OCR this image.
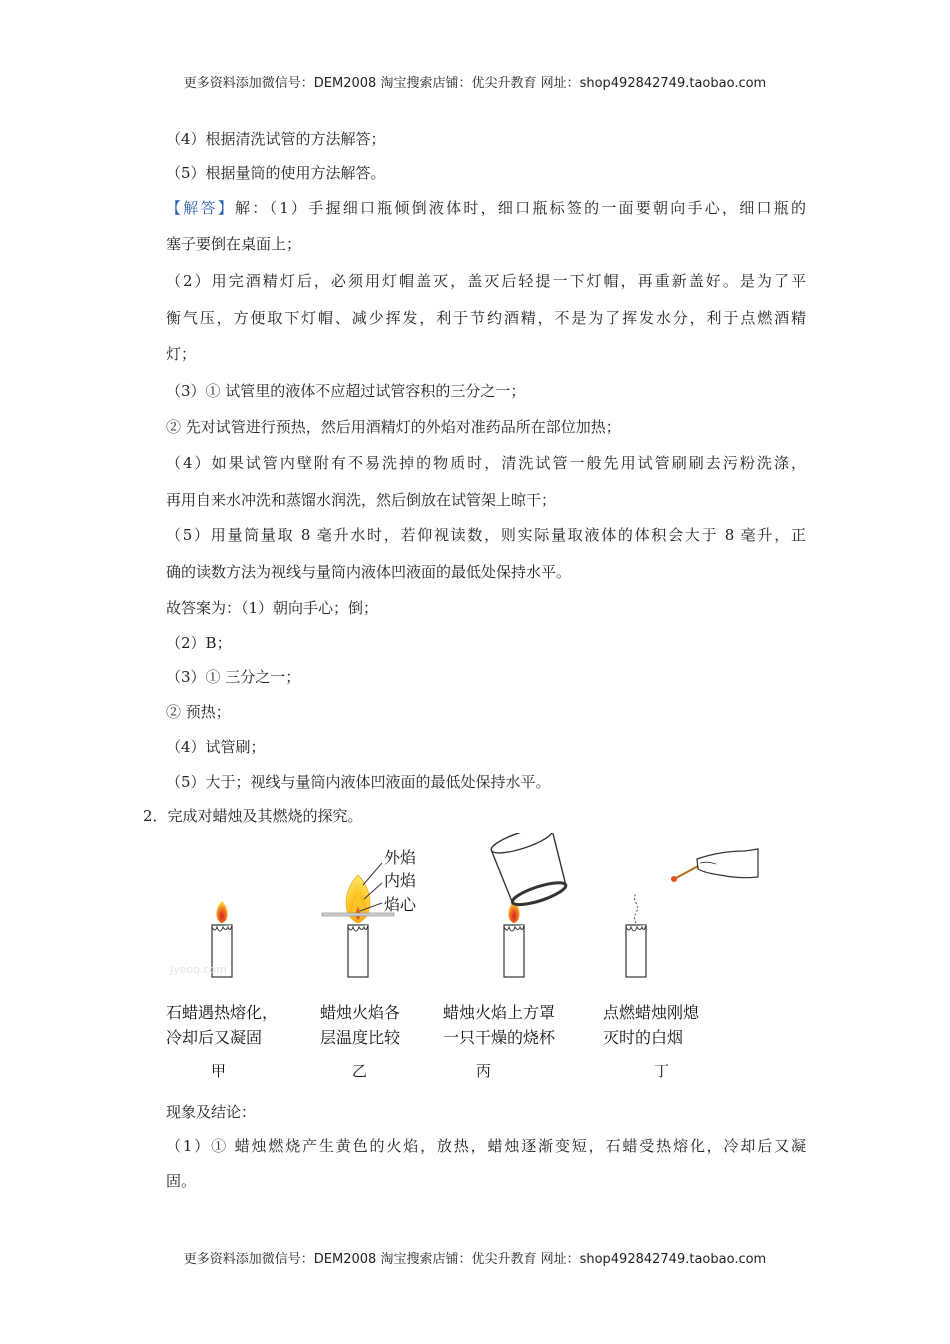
更多资料添加微信号：DEM2008 淘宝搜索店铺：优尖升教育 网址：shop492842749.taobao.com
（4）根据清洗试管的方法解答；
（5）根据量筒的使用方法解答。
【解答】解：（1）手握细口瓶倾倒液体时，细口瓶标签的一面要朝向手心，细口瓶的
塞子要倒在桌面上；
（2）用完酒精灯后，必须用灯帽盖灭，盖灭后轻提一下灯帽，再重新盖好。是为了平
衡气压，方便取下灯帽、减少挥发，利于节约酒精，不是为了挥发水分，利于点燃酒精
灯；
（3）① 试管里的液体不应超过试管容积的三分之一；
② 先对试管进行预热，然后用酒精灯的外焰对准药品所在部位加热；
（4）如果试管内壁附有不易洗掉的物质时，清洗试管一般先用试管刷刷去污粉洗涤，
再用自来水冲洗和蒸馏水润洗，然后倒放在试管架上晾干；
（5）用量筒量取 8 毫升水时，若仰视读数，则实际量取液体的体积会大于 8 毫升，正
确的读数方法为视线与量筒内液体凹液面的最低处保持水平。
故答案为：（1）朝向手心；倒；
（2）B；
（3）① 三分之一；
② 预热；
（4）试管刷；
（5）大于；视线与量筒内液体凹液面的最低处保持水平。
2．完成对蜡烛及其燃烧的探究。
Jyeoo.com
外焰
内焰
焰心
石蜡遇热熔化，
冷却后又凝固
甲
蜡烛火焰各
层温度比较
乙
蜡烛火焰上方罩
一只干燥的烧杯
丙
点燃蜡烛刚熄
灭时的白烟
丁
现象及结论：
（1）① 蜡烛燃烧产生黄色的火焰，放热，蜡烛逐渐变短，石蜡受热熔化，冷却后又凝
固。
更多资料添加微信号：DEM2008 淘宝搜索店铺：优尖升教育 网址：shop492842749.taobao.com
